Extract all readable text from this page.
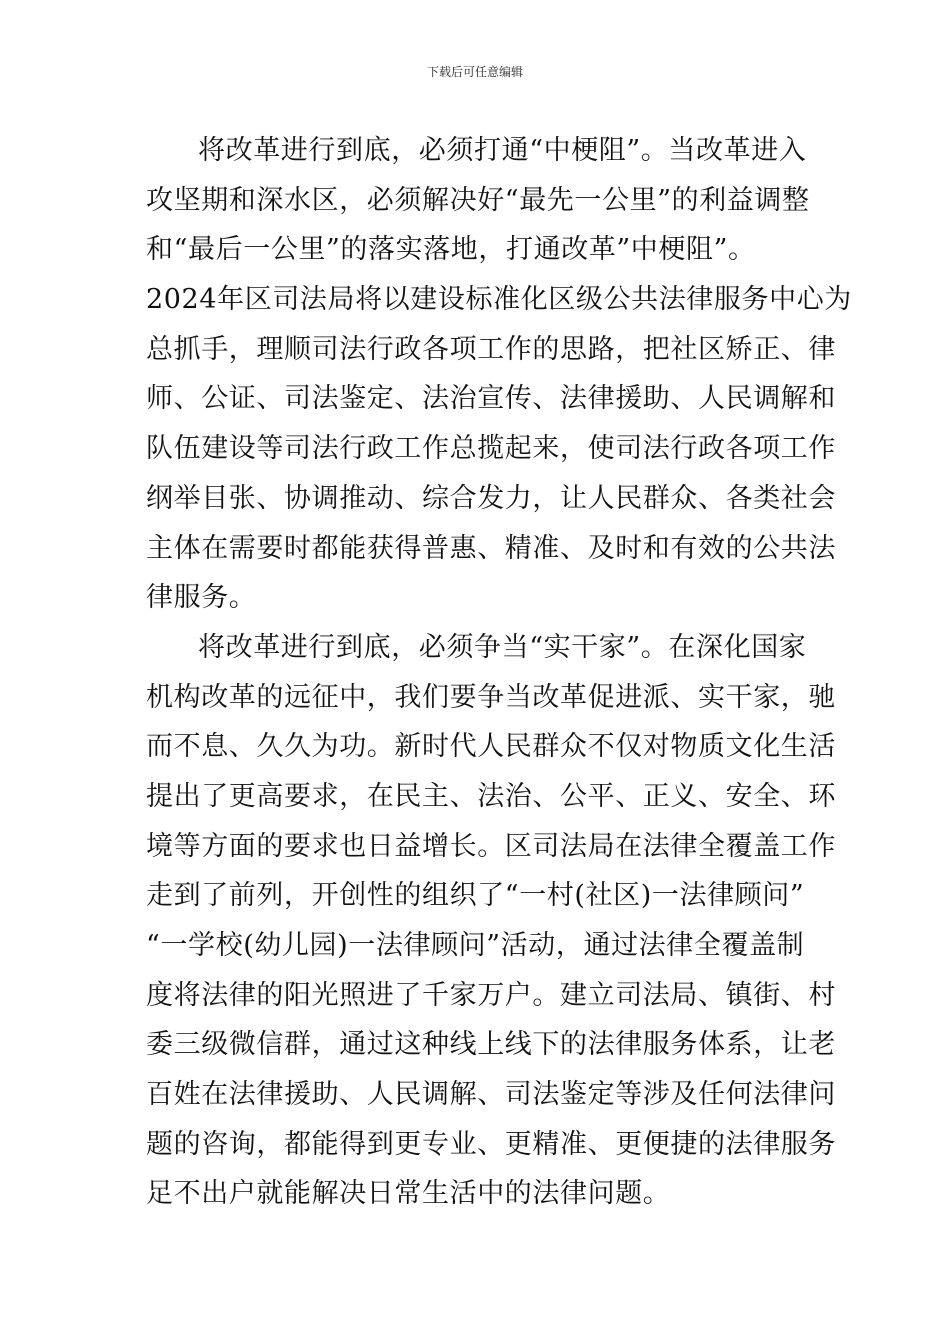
下载后可任意编辑
将改革进行到底，必须打通“中梗阻”。当改革进入
攻坚期和深水区，必须解决好“最先一公里”的利益调整
和“最后一公里”的落实落地，打通改革”中梗阻”。
2024年区司法局将以建设标准化区级公共法律服务中心为
总抓手，理顺司法行政各项工作的思路，把社区矫正、律
师、公证、司法鉴定、法治宣传、法律援助、人民调解和
队伍建设等司法行政工作总揽起来，使司法行政各项工作
纲举目张、协调推动、综合发力，让人民群众、各类社会
主体在需要时都能获得普惠、精准、及时和有效的公共法
律服务。
将改革进行到底，必须争当“实干家”。在深化国家
机构改革的远征中，我们要争当改革促进派、实干家，驰
而不息、久久为功。新时代人民群众不仅对物质文化生活
提出了更高要求，在民主、法治、公平、正义、安全、环
境等方面的要求也日益增长。区司法局在法律全覆盖工作
走到了前列，开创性的组织了“一村(社区)一法律顾问”
“一学校(幼儿园)一法律顾问”活动，通过法律全覆盖制
度将法律的阳光照进了千家万户。建立司法局、镇街、村
委三级微信群，通过这种线上线下的法律服务体系，让老
百姓在法律援助、人民调解、司法鉴定等涉及任何法律问
题的咨询，都能得到更专业、更精准、更便捷的法律服务
足不出户就能解决日常生活中的法律问题。
